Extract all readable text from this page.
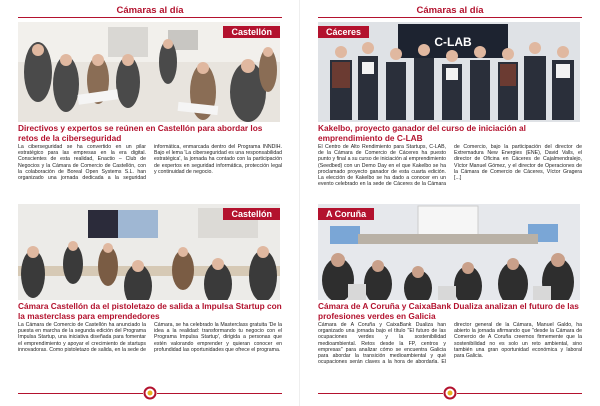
Cámaras al día
Castellón
Directivos y expertos se reúnen en Castellón para abordar los retos de la ciberseguridad
La ciberseguridad se ha convertido en un pilar estratégico para las empresas en la era digital. Conscientes de esta realidad, Enactio – Club de Negocios y la Cámara de Comercio de Castellón, con la colaboración de Boreal Open Systems S.L. han organizado una jornada dedicada a la seguridad informática, enmarcada dentro del Programa INNDIH. Bajo el lema 'La ciberseguridad es una responsabilidad estratégica', la jornada ha contado con la participación de expertos en seguridad informática, protección legal y continuidad de negocio.
Castellón
Cámara Castellón da el pistoletazo de salida a Impulsa Startup con la masterclass para emprendedores
La Cámara de Comercio de Castellón ha anunciado la puesta en marcha de la segunda edición del Programa Impulsa Startup, una iniciativa diseñada para fomentar el emprendimiento y apoyar el crecimiento de startups innovadoras. Como pistoletazo de salida, en la sede de Cámara, se ha celebrado la Masterclass gratuita 'De la idea a la realidad: transformando tu negocio con el Programa Impulsa Startup', dirigida a personas que estén valorando emprender y quieran conocer en profundidad las oportunidades que ofrece el programa.
Cámaras al día
C-LAB
Cáceres
Kakelbo, proyecto ganador del curso de iniciación al emprendimiento de C-LAB
El Centro de Alto Rendimiento para Startups, C-LAB, de la Cámara de Comercio de Cáceres ha puesto punto y final a su curso de iniciación al emprendimiento (Seedbed) con un Demo Day en el que Kakelbo se ha proclamado proyecto ganador de esta cuarta edición. La elección de Kakelbo se ha dado a conocer en un evento celebrado en la sede de Cáceres de la Cámara de Comercio, bajo la participación del director de Extremadura New Energies (ENE), David Valls, el director de Oficina en Cáceres de Cajalmendralejo, Víctor Manuel Gómez, y el director de Operaciones de la Cámara de Comercio de Cáceres, Víctor Gragera [...]
A Coruña
Cámara de A Coruña y CaixaBank Dualiza analizan el futuro de las profesiones verdes en Galicia
Cámara de A Coruña y CaixaBank Dualiza han organizado una jornada bajo el título "El futuro de las ocupaciones verdes y la sostenibilidad medioambiental. Retos desde la FP, centros y empresas" para analizar cómo se encuentra Galicia para abordar la transición medioambiental y qué ocupaciones serán claves a la hora de abordarla. El director general de la Cámara, Manuel Galdo, ha abierto la jornada afirmando que "desde la Cámara de Comercio de A Coruña creemos firmemente que la sostenibilidad no es solo un reto ambiental, sino también una gran oportunidad económica y laboral para Galicia.
